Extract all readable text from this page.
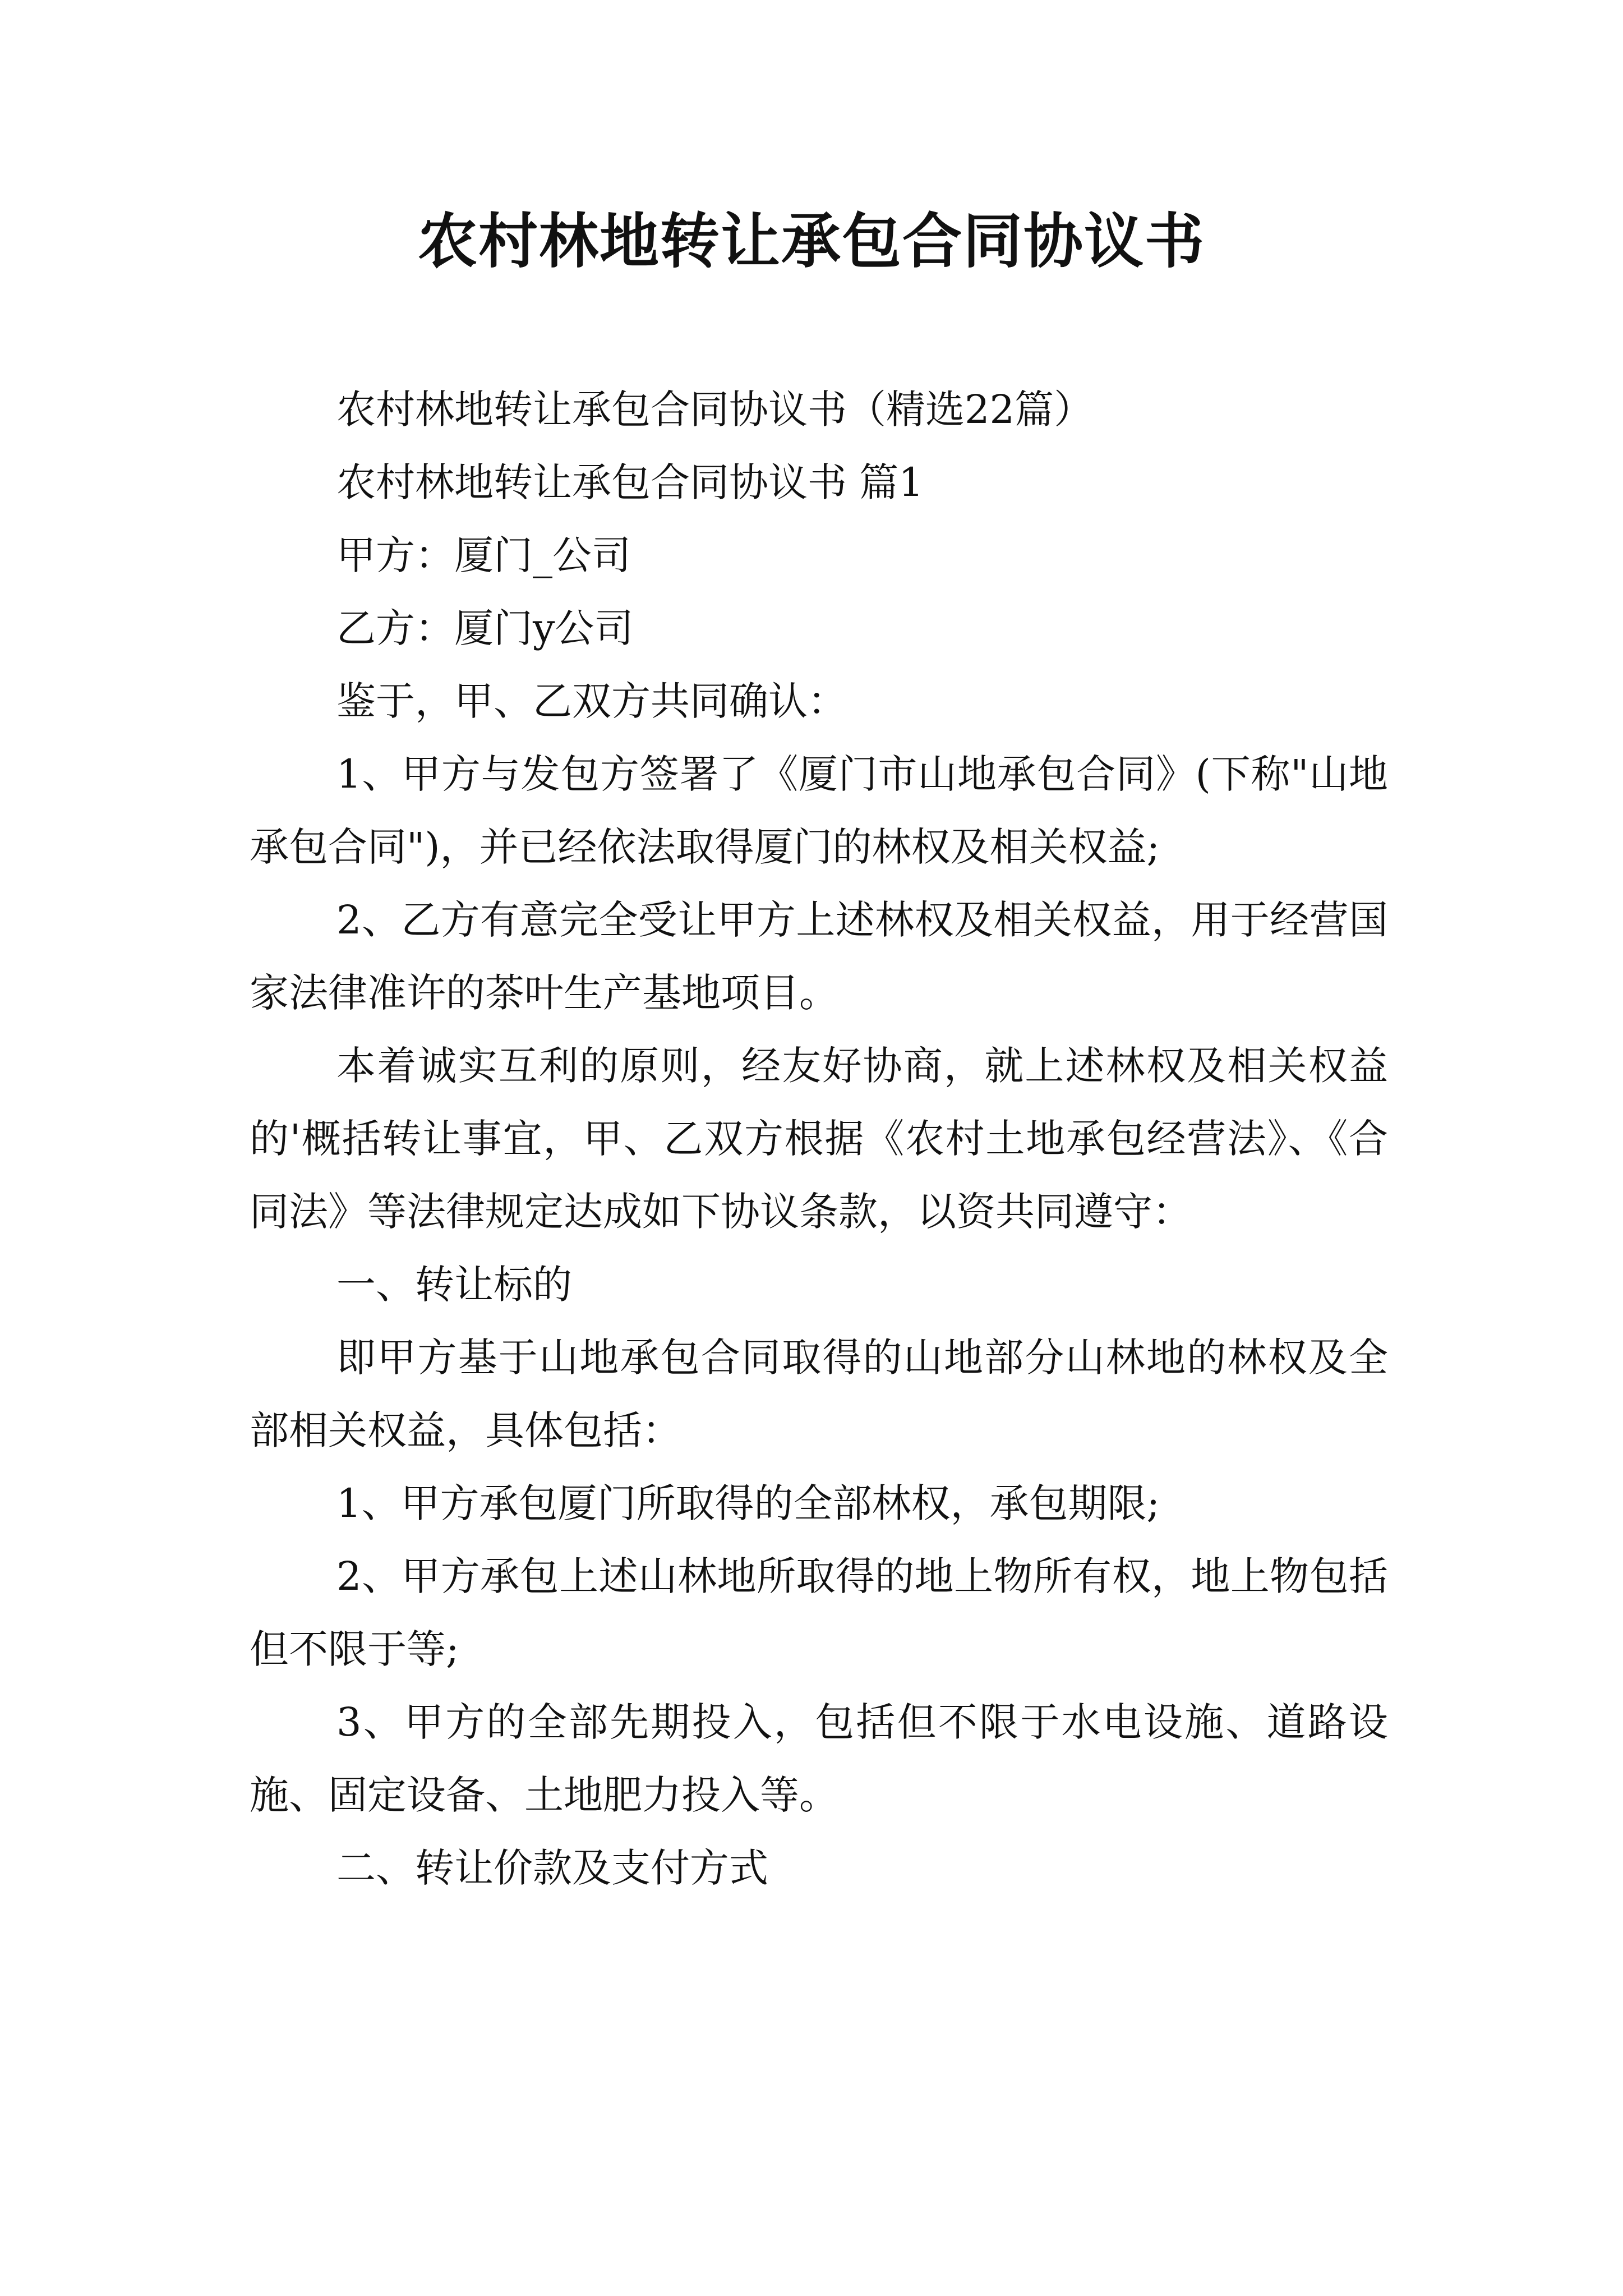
农村林地转让承包合同协议书

农村林地转让承包合同协议书（精选22篇）

农村林地转让承包合同协议书 篇1

甲方：厦门_公司

乙方：厦门y公司

鉴于，甲、乙双方共同确认：

1、甲方与发包方签署了《厦门市山地承包合同》(下称"山地承包合同")，并已经依法取得厦门的林权及相关权益;

2、乙方有意完全受让甲方上述林权及相关权益，用于经营国家法律准许的茶叶生产基地项目。

本着诚实互利的原则，经友好协商，就上述林权及相关权益的'概括转让事宜，甲、乙双方根据《农村土地承包经营法》、《合同法》等法律规定达成如下协议条款，以资共同遵守：

一、转让标的

即甲方基于山地承包合同取得的山地部分山林地的林权及全部相关权益，具体包括：

1、甲方承包厦门所取得的全部林权，承包期限;

2、甲方承包上述山林地所取得的地上物所有权，地上物包括但不限于等;

3、甲方的全部先期投入，包括但不限于水电设施、道路设施、固定设备、土地肥力投入等。

二、转让价款及支付方式
